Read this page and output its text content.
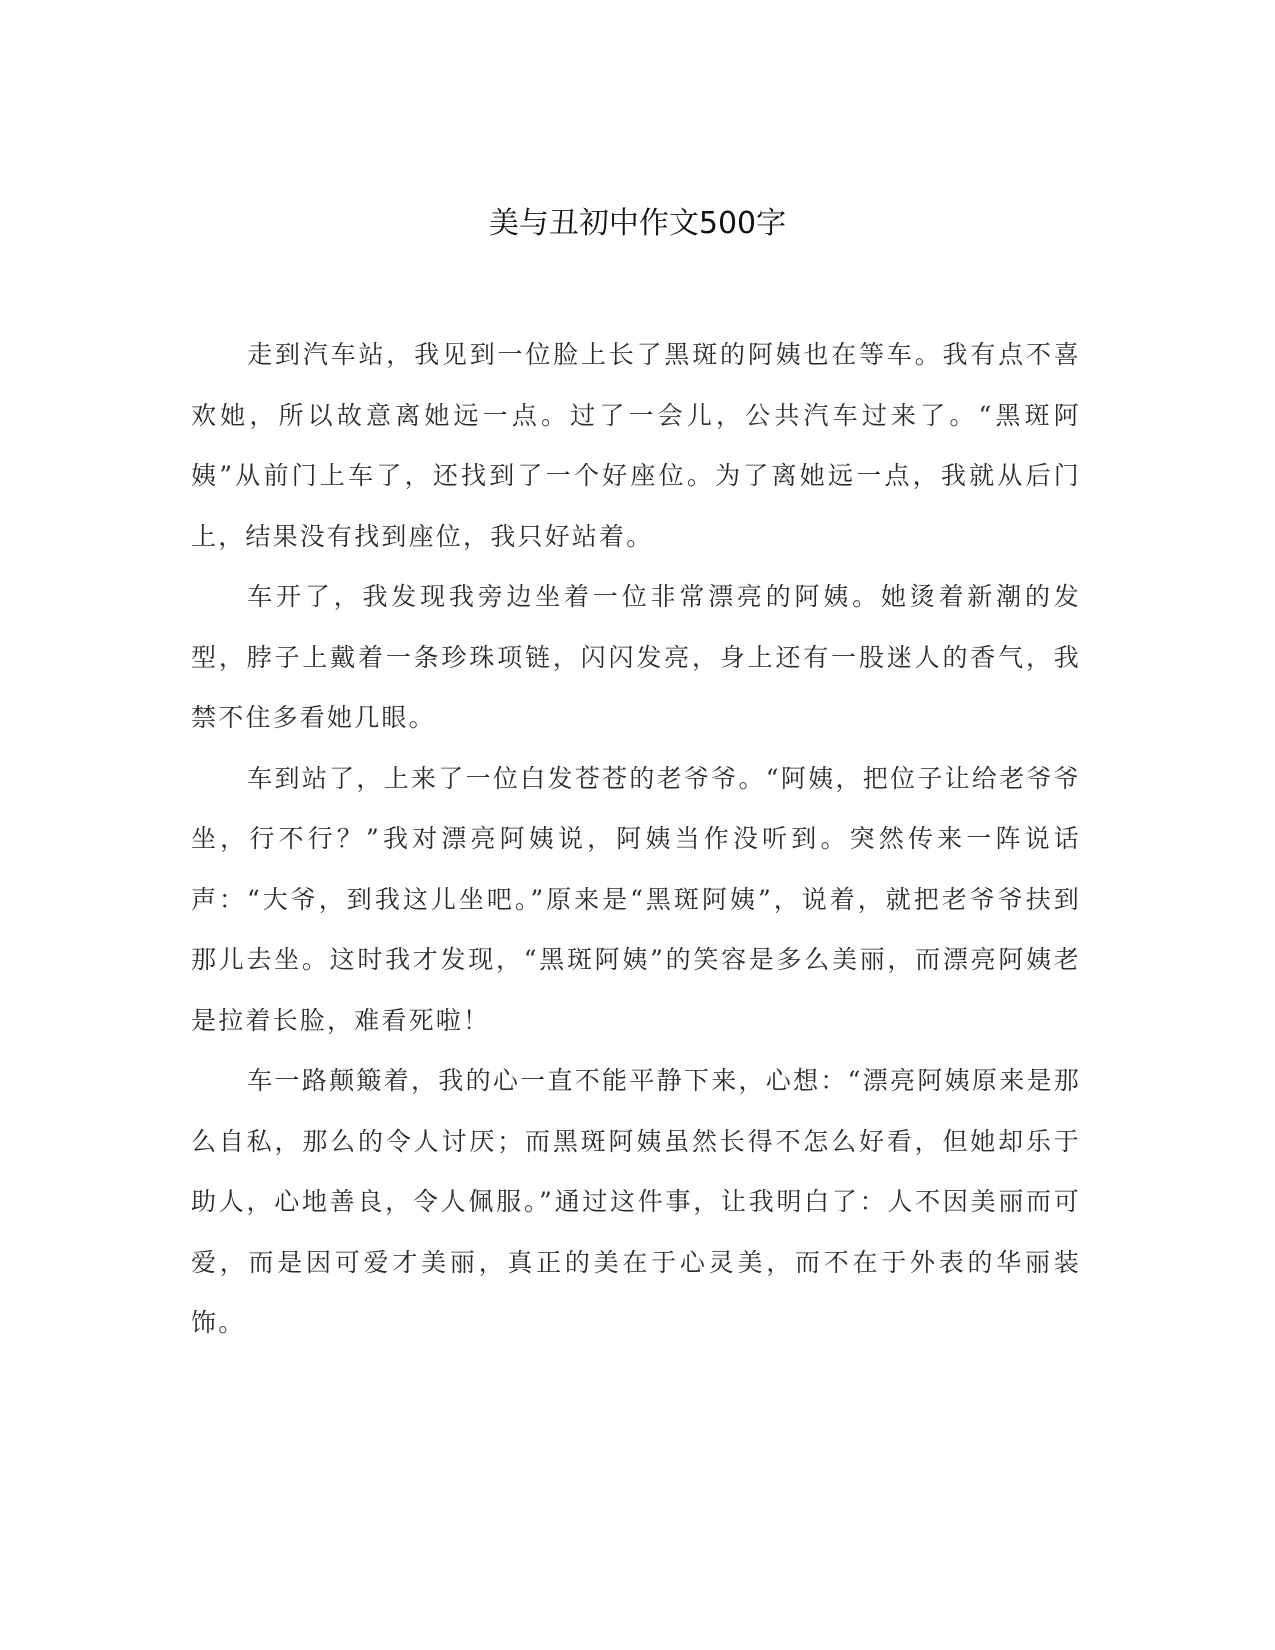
美与丑初中作文500字

走到汽车站，我见到一位脸上长了黑斑的阿姨也在等车。我有点不喜欢她，所以故意离她远一点。过了一会儿，公共汽车过来了。“黑斑阿姨”从前门上车了，还找到了一个好座位。为了离她远一点，我就从后门上，结果没有找到座位，我只好站着。

车开了，我发现我旁边坐着一位非常漂亮的阿姨。她烫着新潮的发型，脖子上戴着一条珍珠项链，闪闪发亮，身上还有一股迷人的香气，我禁不住多看她几眼。

车到站了，上来了一位白发苍苍的老爷爷。“阿姨，把位子让给老爷爷坐，行不行？”我对漂亮阿姨说，阿姨当作没听到。突然传来一阵说话声：“大爷，到我这儿坐吧。”原来是“黑斑阿姨”，说着，就把老爷爷扶到那儿去坐。这时我才发现，“黑斑阿姨”的笑容是多么美丽，而漂亮阿姨老是拉着长脸，难看死啦！

车一路颠簸着，我的心一直不能平静下来，心想：“漂亮阿姨原来是那么自私，那么的令人讨厌；而黑斑阿姨虽然长得不怎么好看，但她却乐于助人，心地善良，令人佩服。”通过这件事，让我明白了：人不因美丽而可爱，而是因可爱才美丽，真正的美在于心灵美，而不在于外表的华丽装饰。
